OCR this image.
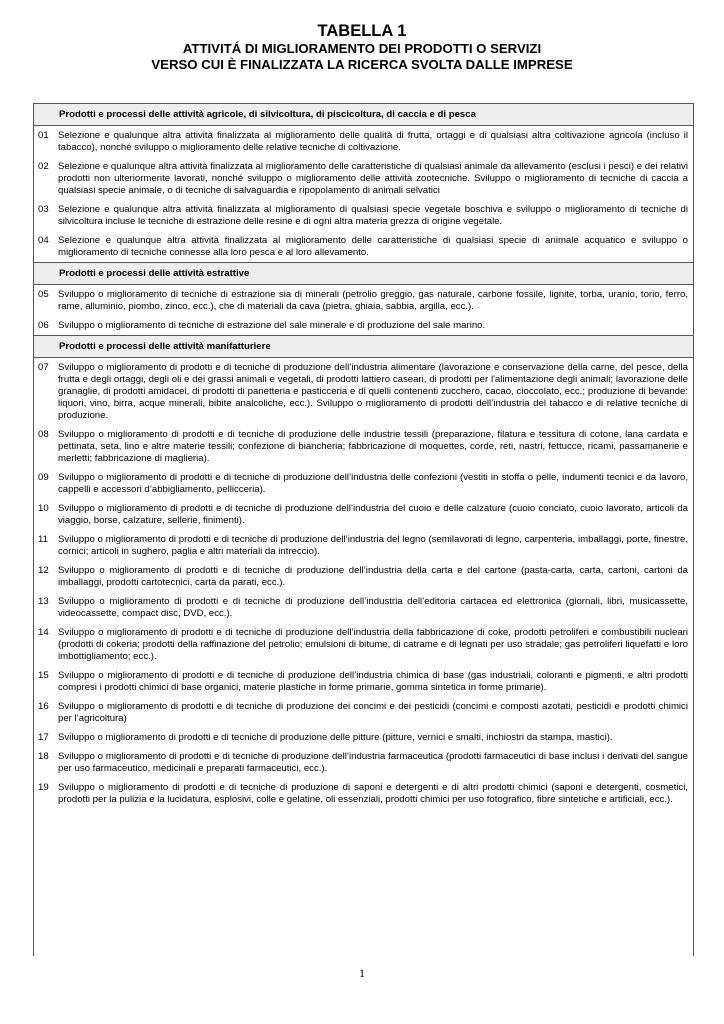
TABELLA 1
ATTIVITÁ DI MIGLIORAMENTO DEI PRODOTTI O SERVIZI
VERSO CUI È FINALIZZATA LA RICERCA SVOLTA DALLE IMPRESE
Prodotti e processi delle attività agricole, di silvicoltura, di piscicoltura, di caccia e di pesca
01 Selezione e qualunque altra attività finalizzata al miglioramento delle qualità di frutta, ortaggi e di qualsiasi altra coltivazione agricola (incluso il tabacco), nonché sviluppo o miglioramento delle relative tecniche di coltivazione.
02 Selezione e qualunque altra attività finalizzata al miglioramento delle caratteristiche di qualsiasi animale da allevamento (esclusi i pesci) e dei relativi prodotti non ulteriormente lavorati, nonché sviluppo o miglioramento delle attività zootecniche. Sviluppo o miglioramento di tecniche di caccia a qualsiasi specie animale, o di tecniche di salvaguardia e ripopolamento di animali selvatici
03 Selezione e qualunque altra attività finalizzata al miglioramento di qualsiasi specie vegetale boschiva e sviluppo o miglioramento di tecniche di silvicoltura incluse le tecniche di estrazione delle resine e di ogni altra materia grezza di origine vegetale.
04 Selezione e qualunque altra attività finalizzata al miglioramento delle caratteristiche di qualsiasi specie di animale acquatico e sviluppo o miglioramento di tecniche connesse alla loro pesca e al loro allevamento.
Prodotti e processi delle attività estrattive
05 Sviluppo o miglioramento di tecniche di estrazione sia di minerali (petrolio greggio, gas naturale, carbone fossile, lignite, torba, uranio, torio, ferro, rame, alluminio, piombo, zinco, ecc.), che di materiali da cava (pietra, ghiaia, sabbia, argilla, ecc.).
06 Sviluppo o miglioramento di tecniche di estrazione del sale minerale e di produzione del sale marino.
Prodotti e processi delle attività manifatturiere
07 Sviluppo o miglioramento di prodotti e di tecniche di produzione dell’industria alimentare (lavorazione e conservazione della carne, del pesce, della frutta e degli ortaggi, degli oli e dei grassi animali e vegetali, di prodotti lattiero caseari, di prodotti per l'alimentazione degli animali; lavorazione delle granaglie, di prodotti amidacei, di prodotti di panetteria e pasticceria e di quelli contenenti zucchero, cacao, cioccolato, ecc.; produzione di bevande: liquori, vino, birra, acque minerali, bibite analcoliche, ecc.). Sviluppo o miglioramento di prodotti dell’industria del tabacco e di relative tecniche di produzione.
08 Sviluppo o miglioramento di prodotti e di tecniche di produzione delle industrie tessili (preparazione, filatura e tessitura di cotone, lana cardata e pettinata, seta, lino e altre materie tessili; confezione di biancheria; fabbricazione di moquettes, corde, reti, nastri, fettucce, ricami, passamanerie e merletti; fabbricazione di maglieria).
09 Sviluppo o miglioramento di prodotti e di tecniche di produzione dell’industria delle confezioni (vestiti in stoffa o pelle, indumenti tecnici e da lavoro, cappelli e accessori d’abbigliamento, pellicceria).
10 Sviluppo o miglioramento di prodotti e di tecniche di produzione dell’industria del cuoio e delle calzature (cuoio conciato, cuoio lavorato, articoli da viaggio, borse, calzature, sellerie, finimenti).
11	Sviluppo o miglioramento di prodotti e di tecniche di produzione dell’industria del legno (semilavorati di legno, carpenteria, imballaggi, porte, finestre, cornici; articoli in sughero, paglia e altri materiali da intreccio).
12 Sviluppo o miglioramento di prodotti e di tecniche di produzione dell’industria della carta e del cartone (pasta-carta, carta, cartoni, cartoni da imballaggi, prodotti cartotecnici, carta da parati, ecc.).
13 Sviluppo o miglioramento di prodotti e di tecniche di produzione dell’industria dell’editoria cartacea ed elettronica (giornali, libri, musicassette, videocassette, compact disc, DVD, ecc.).
14 Sviluppo o miglioramento di prodotti e di tecniche di produzione dell’industria della fabbricazione di coke, prodotti petroliferi e combustibili nucleari (prodotti di cokeria; prodotti della raffinazione del petrolio; emulsioni di bitume, di catrame e di legnati per uso stradale; gas petroliferi liquefatti e loro imbottigliamento; ecc.).
15 Sviluppo o miglioramento di prodotti e di tecniche di produzione dell’industria chimica di base (gas industriali, coloranti e pigmenti, e altri prodotti compresi i prodotti chimici di base organici, materie plastiche in forme primarie, gomma sintetica in forme primarie).
16 Sviluppo o miglioramento di prodotti e di tecniche di produzione dei concimi e dei pesticidi (concimi e composti azotati, pesticidi e prodotti chimici per l’agricoltura)
17 Sviluppo o miglioramento di prodotti e di tecniche di produzione delle pitture (pitture, vernici e smalti, inchiostri da stampa, mastici).
18 Sviluppo o miglioramento di prodotti e di tecniche di produzione dell’industria farmaceutica (prodotti farmaceutici di base inclusi i derivati del sangue per uso farmaceutico, medicinali e preparati farmaceutici, ecc.).
19 Sviluppo o miglioramento di prodotti e di tecniche di produzione di saponi e detergenti e di altri prodotti chimici (saponi e detergenti, cosmetici, prodotti per la pulizia e la lucidatura, esplosivi, colle e gelatine, oli essenziali, prodotti chimici per uso fotografico, fibre sintetiche e artificiali, ecc.).
1
